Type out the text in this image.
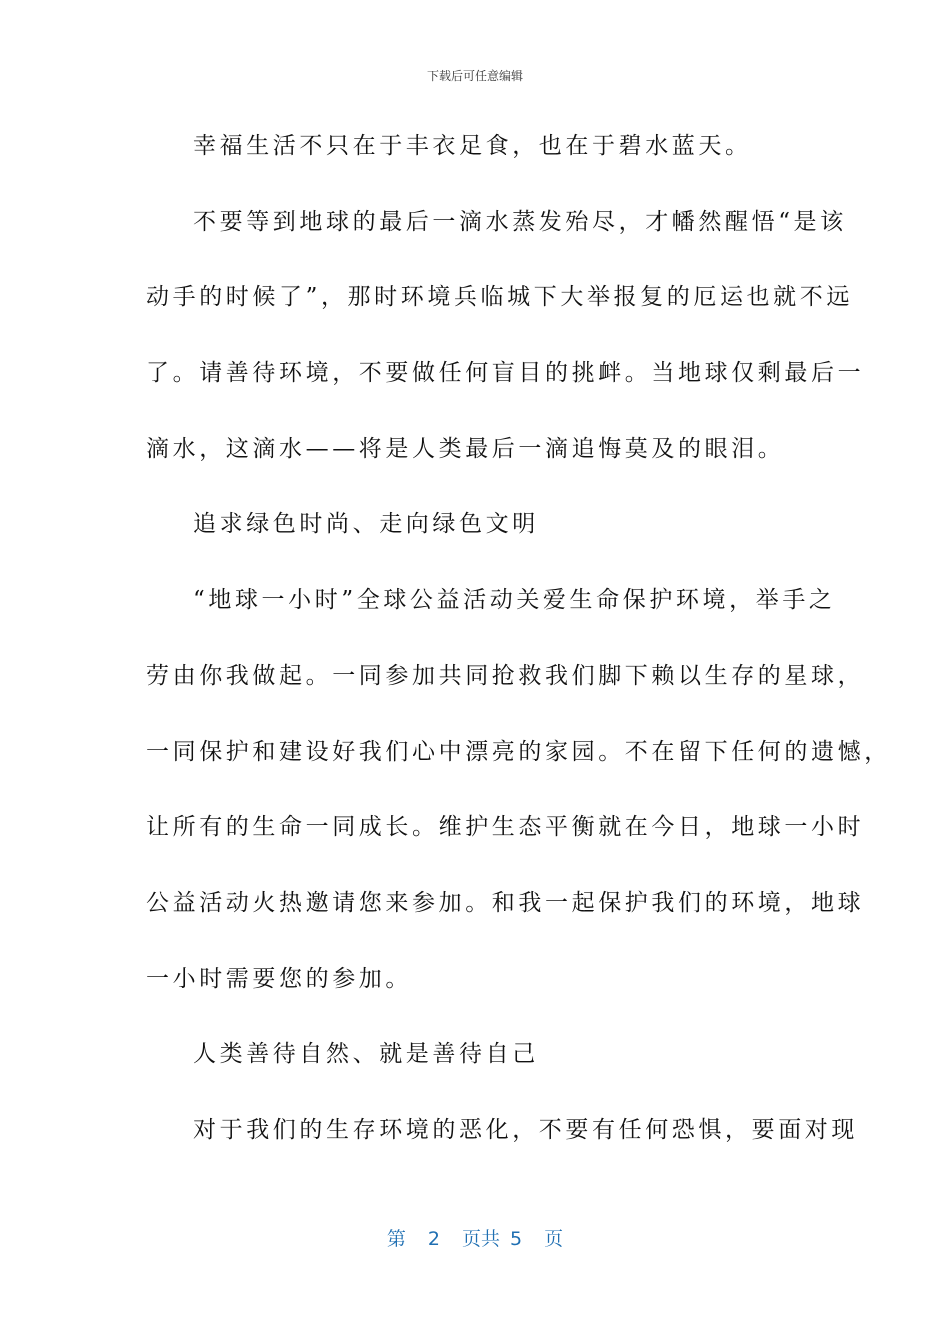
下载后可任意编辑
幸福生活不只在于丰衣足食，也在于碧水蓝天。
不要等到地球的最后一滴水蒸发殆尽，才幡然醒悟“是该
动手的时候了”，那时环境兵临城下大举报复的厄运也就不远
了。请善待环境，不要做任何盲目的挑衅。当地球仅剩最后一
滴水，这滴水——将是人类最后一滴追悔莫及的眼泪。
追求绿色时尚、走向绿色文明
“地球一小时”全球公益活动关爱生命保护环境，举手之
劳由你我做起。一同参加共同抢救我们脚下赖以生存的星球，
一同保护和建设好我们心中漂亮的家园。不在留下任何的遗憾，
让所有的生命一同成长。维护生态平衡就在今日，地球一小时
公益活动火热邀请您来参加。和我一起保护我们的环境，地球
一小时需要您的参加。
人类善待自然、就是善待自己
对于我们的生存环境的恶化，不要有任何恐惧，要面对现
第 2 页共 5 页
